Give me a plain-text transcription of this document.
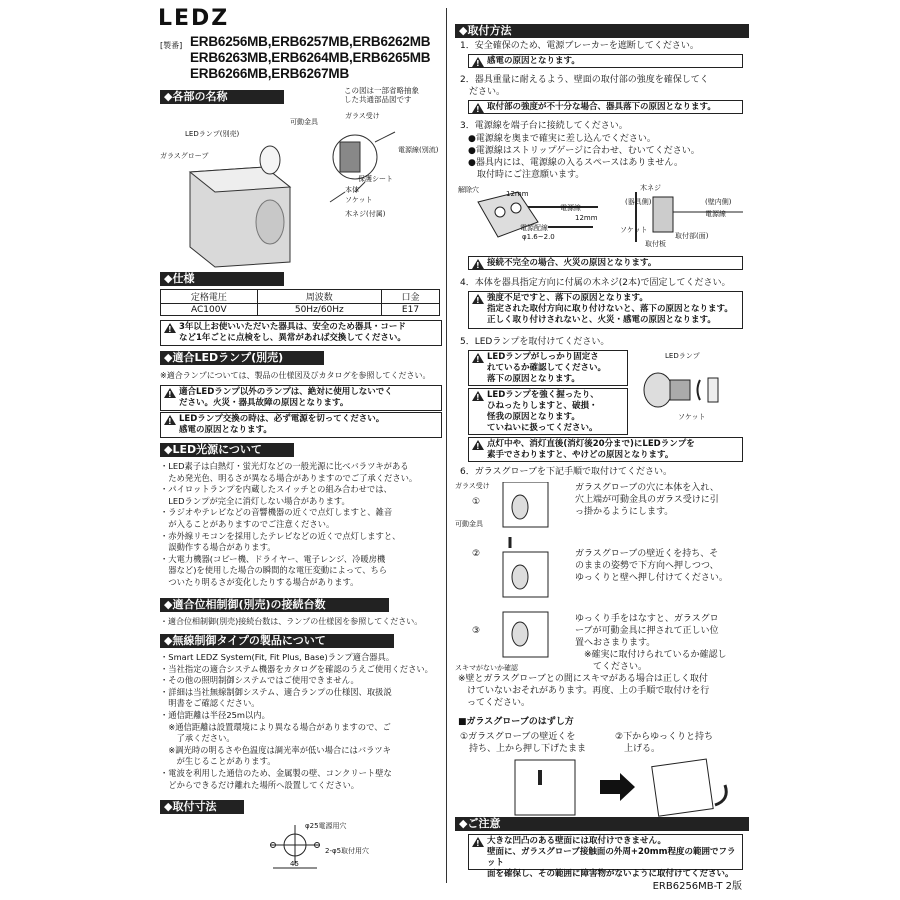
LEDZ
[製番] ERB6256MB,ERB6257MB,ERB6262MB
ERB6263MB,ERB6264MB,ERB6265MB
ERB6266MB,ERB6267MB
◆各部の名称	この図は一部省略抽象
した共通部品図です
可動金具
ガラス受け
LEDランプ(別売)
ガラスグローブ
電源線(別流)
保護シート
本体
ソケット
木ネジ(付属)
◆仕様
定格電圧	周波数	口金
AC100V	50Hz/60Hz	E17
!
3年以上お使いいただいた器具は、安全のため器具・コード
など1年ごとに点検をし、異常があれば交換してください。
◆適合LEDランプ(別売)
※適合ランプについては、製品の仕様図及びカタログを参照してください。
!
適合LEDランプ以外のランプは、絶対に使用しないでく
ださい。火災・器具故障の原因となります。
!
LEDランプ交換の時は、必ず電源を切ってください。
感電の原因となります。
◆LED光源について
・LED素子は白熱灯・蛍光灯などの一般光源に比べバラツキがある
　ため発光色、明るさが異なる場合がありますのでご了承ください。
・パイロットランプを内蔵したスイッチとの組み合わせでは、
　LEDランプが完全に消灯しない場合があります。
・ラジオやテレビなどの音響機器の近くで点灯しますと、雑音
　が入ることがありますのでご注意ください。
・赤外線リモコンを採用したテレビなどの近くで点灯しますと、
　誤動作する場合があります。
・大電力機器(コピー機、ドライヤー、電子レンジ、冷暖房機
　器など)を使用した場合の瞬間的な電圧変動によって、ちら
　ついたり明るさが変化したりする場合があります。
◆適合位相制御(別売)の接続台数
・適合位相制御(別売)接続台数は、ランプの仕様図を参照してください。
◆無線制御タイプの製品について
・Smart LEDZ System(Fit, Fit Plus, Base)ランプ適合器具。
・当社指定の適合システム機器をカタログを確認のうえご使用ください。
・その他の照明制御システムではご使用できません。
・詳細は当社無線制御システム、適合ランプの仕様図、取扱説
　明書をご確認ください。
・通信距離は半径25m以内。
　※通信距離は設置環境により異なる場合がありますので、ご
　　了承ください。
　※調光時の明るさや色温度は調光率が低い場合にはバラツキ
　　が生じることがあります。
・電波を利用した通信のため、金属製の壁、コンクリート壁な
　どからできるだけ離れた場所へ設置してください。
◆取付寸法
φ25電源用穴
2-φ5取付用穴
45
◆取付方法
1．安全確保のため、電源ブレーカーを遮断してください。
!
感電の原因となります。
2．器具重量に耐えるよう、壁面の取付部の強度を確保してく
　ださい。
!
取付部の強度が不十分な場合、器具落下の原因となります。
3．電源線を端子台に接続してください。
●電源線を奥まで確実に差し込んでください。
●電源線はストリップゲージに合わせ、むいてください。
●器具内には、電源線の入るスペースはありません。
　取付時にご注意願います。
解除穴	12mm
電源線
12mm
電源配線
φ1.6~2.0
木ネジ
(器具側)	(壁内側)
電源線
ソケット
取付部(面)
取付板
!
接続不完全の場合、火災の原因となります。
4．本体を器具指定方向に付属の木ネジ(2本)で固定してください。
!
強度不足ですと、落下の原因となります。
指定された取付方向に取り付けないと、落下の原因となります。
正しく取り付けされないと、火災・感電の原因となります。
5．LEDランプを取付けてください。
!
LEDランプがしっかり固定さ
れているか確認してください。
落下の原因となります。
!
LEDランプを強く握ったり、
ひねったりしますと、破損・
怪我の原因となります。
ていねいに扱ってください。
LEDランプ
ソケット
!
点灯中や、消灯直後(消灯後20分まで)にLEDランプを
素手でさわりますと、やけどの原因となります。
6．ガラスグローブを下記手順で取付けてください。
ガラス受け
可動金具
①
②
③
スキマがないか確認
ガラスグローブの穴に本体を入れ、
穴上端が可動金具のガラス受けに引
っ掛かるようにします。
ガラスグローブの壁近くを持ち、そ
のままの姿勢で下方向へ押しつつ、
ゆっくりと壁へ押し付けてください。
ゆっくり手をはなすと、ガラスグロ
ーブが可動金具に押されて正しい位
置へおさまります。
　※確実に取付けられているか確認し
　　てください。
※壁とガラスグローブとの間にスキマがある場合は正しく取付
　けていないおそれがあります。再度、上の手順で取付けを行
　ってください。
■ガラスグローブのはずし方
①ガラスグローブの壁近くを
　持ち、上から押し下げたまま
②下からゆっくりと持ち
　上げる。
◆ご注意
!
大きな凹凸のある壁面には取付けできません。
壁面に、ガラスグローブ接触面の外周+20mm程度の範囲でフラット
面を確保し、その範囲に障害物がないように取付けてください。
ERB6256MB-T 2版
